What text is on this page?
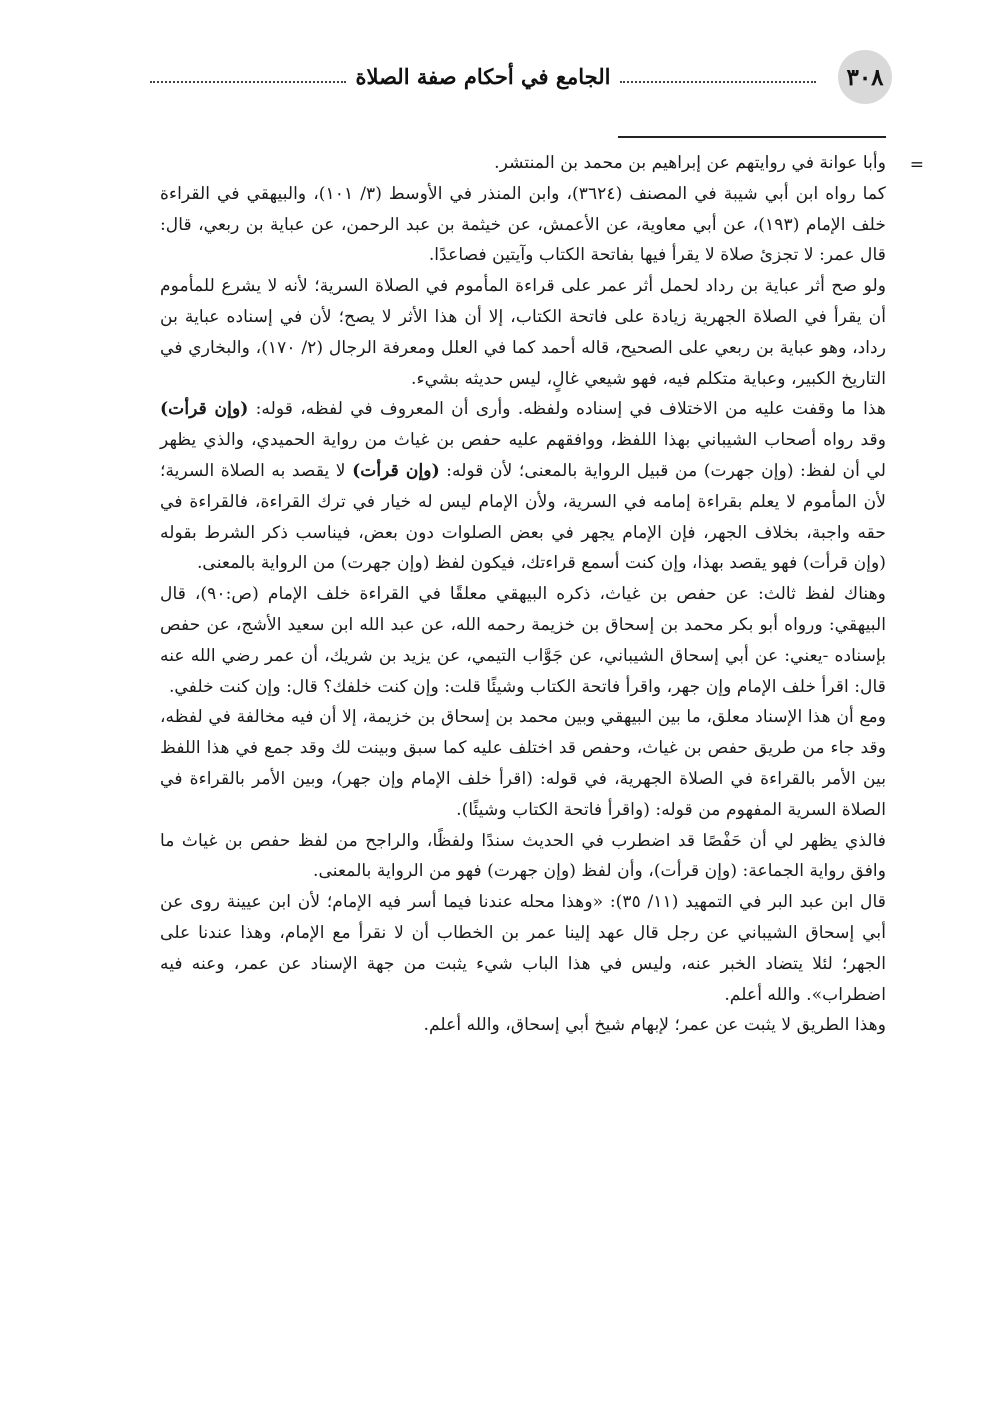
٣٠٨
الجامع في أحكام صفة الصلاة
=

وأبا عوانة في روايتهم عن إبراهيم بن محمد بن المنتشر.

كما رواه ابن أبي شيبة في المصنف (٣٦٢٤)، وابن المنذر في الأوسط (٣/ ١٠١)، والبيهقي في القراءة خلف الإمام (١٩٣)، عن أبي معاوية، عن الأعمش، عن خيثمة بن عبد الرحمن، عن عباية بن ربعي، قال: قال عمر: لا تجزئ صلاة لا يقرأ فيها بفاتحة الكتاب وآيتين فصاعدًا.

ولو صح أثر عباية بن رداد لحمل أثر عمر على قراءة المأموم في الصلاة السرية؛ لأنه لا يشرع للمأموم أن يقرأ في الصلاة الجهرية زيادة على فاتحة الكتاب، إلا أن هذا الأثر لا يصح؛ لأن في إسناده عباية بن رداد، وهو عباية بن ربعي على الصحيح، قاله أحمد كما في العلل ومعرفة الرجال (٢/ ١٧٠)، والبخاري في التاريخ الكبير، وعباية متكلم فيه، فهو شيعي غالٍ، ليس حديثه بشيء.

هذا ما وقفت عليه من الاختلاف في إسناده ولفظه. وأرى أن المعروف في لفظه، قوله: (وإن قرأت) وقد رواه أصحاب الشيباني بهذا اللفظ، ووافقهم عليه حفص بن غياث من رواية الحميدي، والذي يظهر لي أن لفظ: (وإن جهرت) من قبيل الرواية بالمعنى؛ لأن قوله: (وإن قرأت) لا يقصد به الصلاة السرية؛ لأن المأموم لا يعلم بقراءة إمامه في السرية، ولأن الإمام ليس له خيار في ترك القراءة، فالقراءة في حقه واجبة، بخلاف الجهر، فإن الإمام يجهر في بعض الصلوات دون بعض، فيناسب ذكر الشرط بقوله (وإن قرأت) فهو يقصد بهذا، وإن كنت أسمع قراءتك، فيكون لفظ (وإن جهرت) من الرواية بالمعنى.

وهناك لفظ ثالث: عن حفص بن غياث، ذكره البيهقي معلقًا في القراءة خلف الإمام (ص:٩٠)، قال البيهقي: ورواه أبو بكر محمد بن إسحاق بن خزيمة رحمه الله، عن عبد الله ابن سعيد الأشج، عن حفص بإسناده -يعني: عن أبي إسحاق الشيباني، عن جَوَّاب التيمي، عن يزيد بن شريك، أن عمر رضي الله عنه قال: اقرأ خلف الإمام وإن جهر، واقرأ فاتحة الكتاب وشيئًا قلت: وإن كنت خلفك؟ قال: وإن كنت خلفي.

ومع أن هذا الإسناد معلق، ما بين البيهقي وبين محمد بن إسحاق بن خزيمة، إلا أن فيه مخالفة في لفظه، وقد جاء من طريق حفص بن غياث، وحفص قد اختلف عليه كما سبق وبينت لك وقد جمع في هذا اللفظ بين الأمر بالقراءة في الصلاة الجهرية، في قوله: (اقرأ خلف الإمام وإن جهر)، وبين الأمر بالقراءة في الصلاة السرية المفهوم من قوله: (واقرأ فاتحة الكتاب وشيئًا).

فالذي يظهر لي أن حَفْصًا قد اضطرب في الحديث سندًا ولفظًا، والراجح من لفظ حفص بن غياث ما وافق رواية الجماعة: (وإن قرأت)، وأن لفظ (وإن جهرت) فهو من الرواية بالمعنى.

قال ابن عبد البر في التمهيد (١١/ ٣٥): «وهذا محله عندنا فيما أسر فيه الإمام؛ لأن ابن عيينة روى عن أبي إسحاق الشيباني عن رجل قال عهد إلينا عمر بن الخطاب أن لا نقرأ مع الإمام، وهذا عندنا على الجهر؛ لئلا يتضاد الخبر عنه، وليس في هذا الباب شيء يثبت من جهة الإسناد عن عمر، وعنه فيه اضطراب». والله أعلم.

وهذا الطريق لا يثبت عن عمر؛ لإبهام شيخ أبي إسحاق، والله أعلم.
